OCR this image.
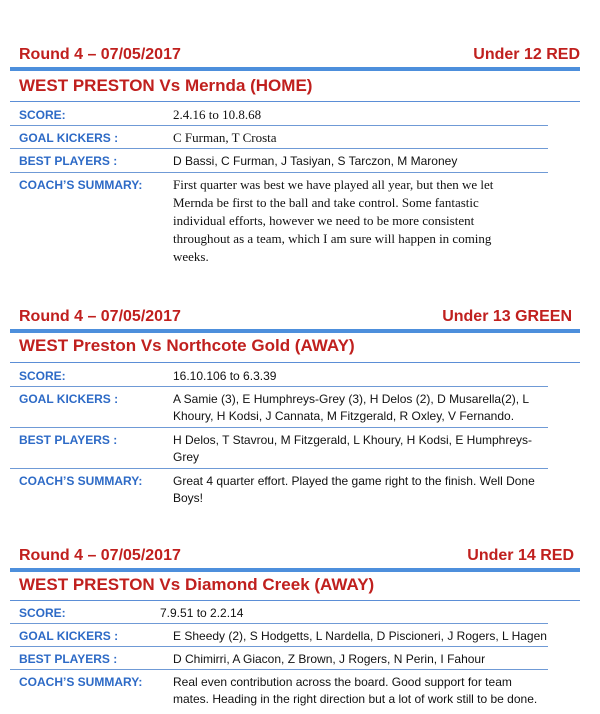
Round 4 – 07/05/2017	Under 12 RED
WEST PRESTON Vs Mernda (HOME)
SCORE:	2.4.16 to 10.8.68
GOAL KICKERS :	C Furman, T Crosta
BEST PLAYERS :	D Bassi, C Furman, J Tasiyan, S Tarczon, M Maroney
COACH’S SUMMARY: First quarter was best we have played all year, but then we let Mernda be first to the ball and take control. Some fantastic individual efforts, however we need to be more consistent throughout as a team, which I am sure will happen in coming weeks.
Round 4 – 07/05/2017	Under 13 GREEN
WEST Preston Vs Northcote Gold (AWAY)
SCORE:	16.10.106 to 6.3.39
GOAL KICKERS :	A Samie (3), E Humphreys-Grey (3), H Delos (2), D Musarella(2), L Khoury, H Kodsi, J Cannata, M Fitzgerald, R Oxley, V Fernando.
BEST PLAYERS :	H Delos, T Stavrou, M Fitzgerald, L Khoury, H Kodsi, E Humphreys-Grey
COACH’S SUMMARY:	Great 4 quarter effort. Played the game right to the finish. Well Done Boys!
Round 4 – 07/05/2017	Under 14 RED
WEST PRESTON Vs Diamond Creek (AWAY)
SCORE:	7.9.51 to 2.2.14
GOAL KICKERS :	E Sheedy (2), S Hodgetts, L Nardella, D Piscioneri, J Rogers, L Hagen
BEST PLAYERS :	D Chimirri, A Giacon, Z Brown, J Rogers, N Perin, I Fahour
COACH’S SUMMARY:	Real even contribution across the board. Good support for team mates. Heading in the right direction but a lot of work still to be done.
